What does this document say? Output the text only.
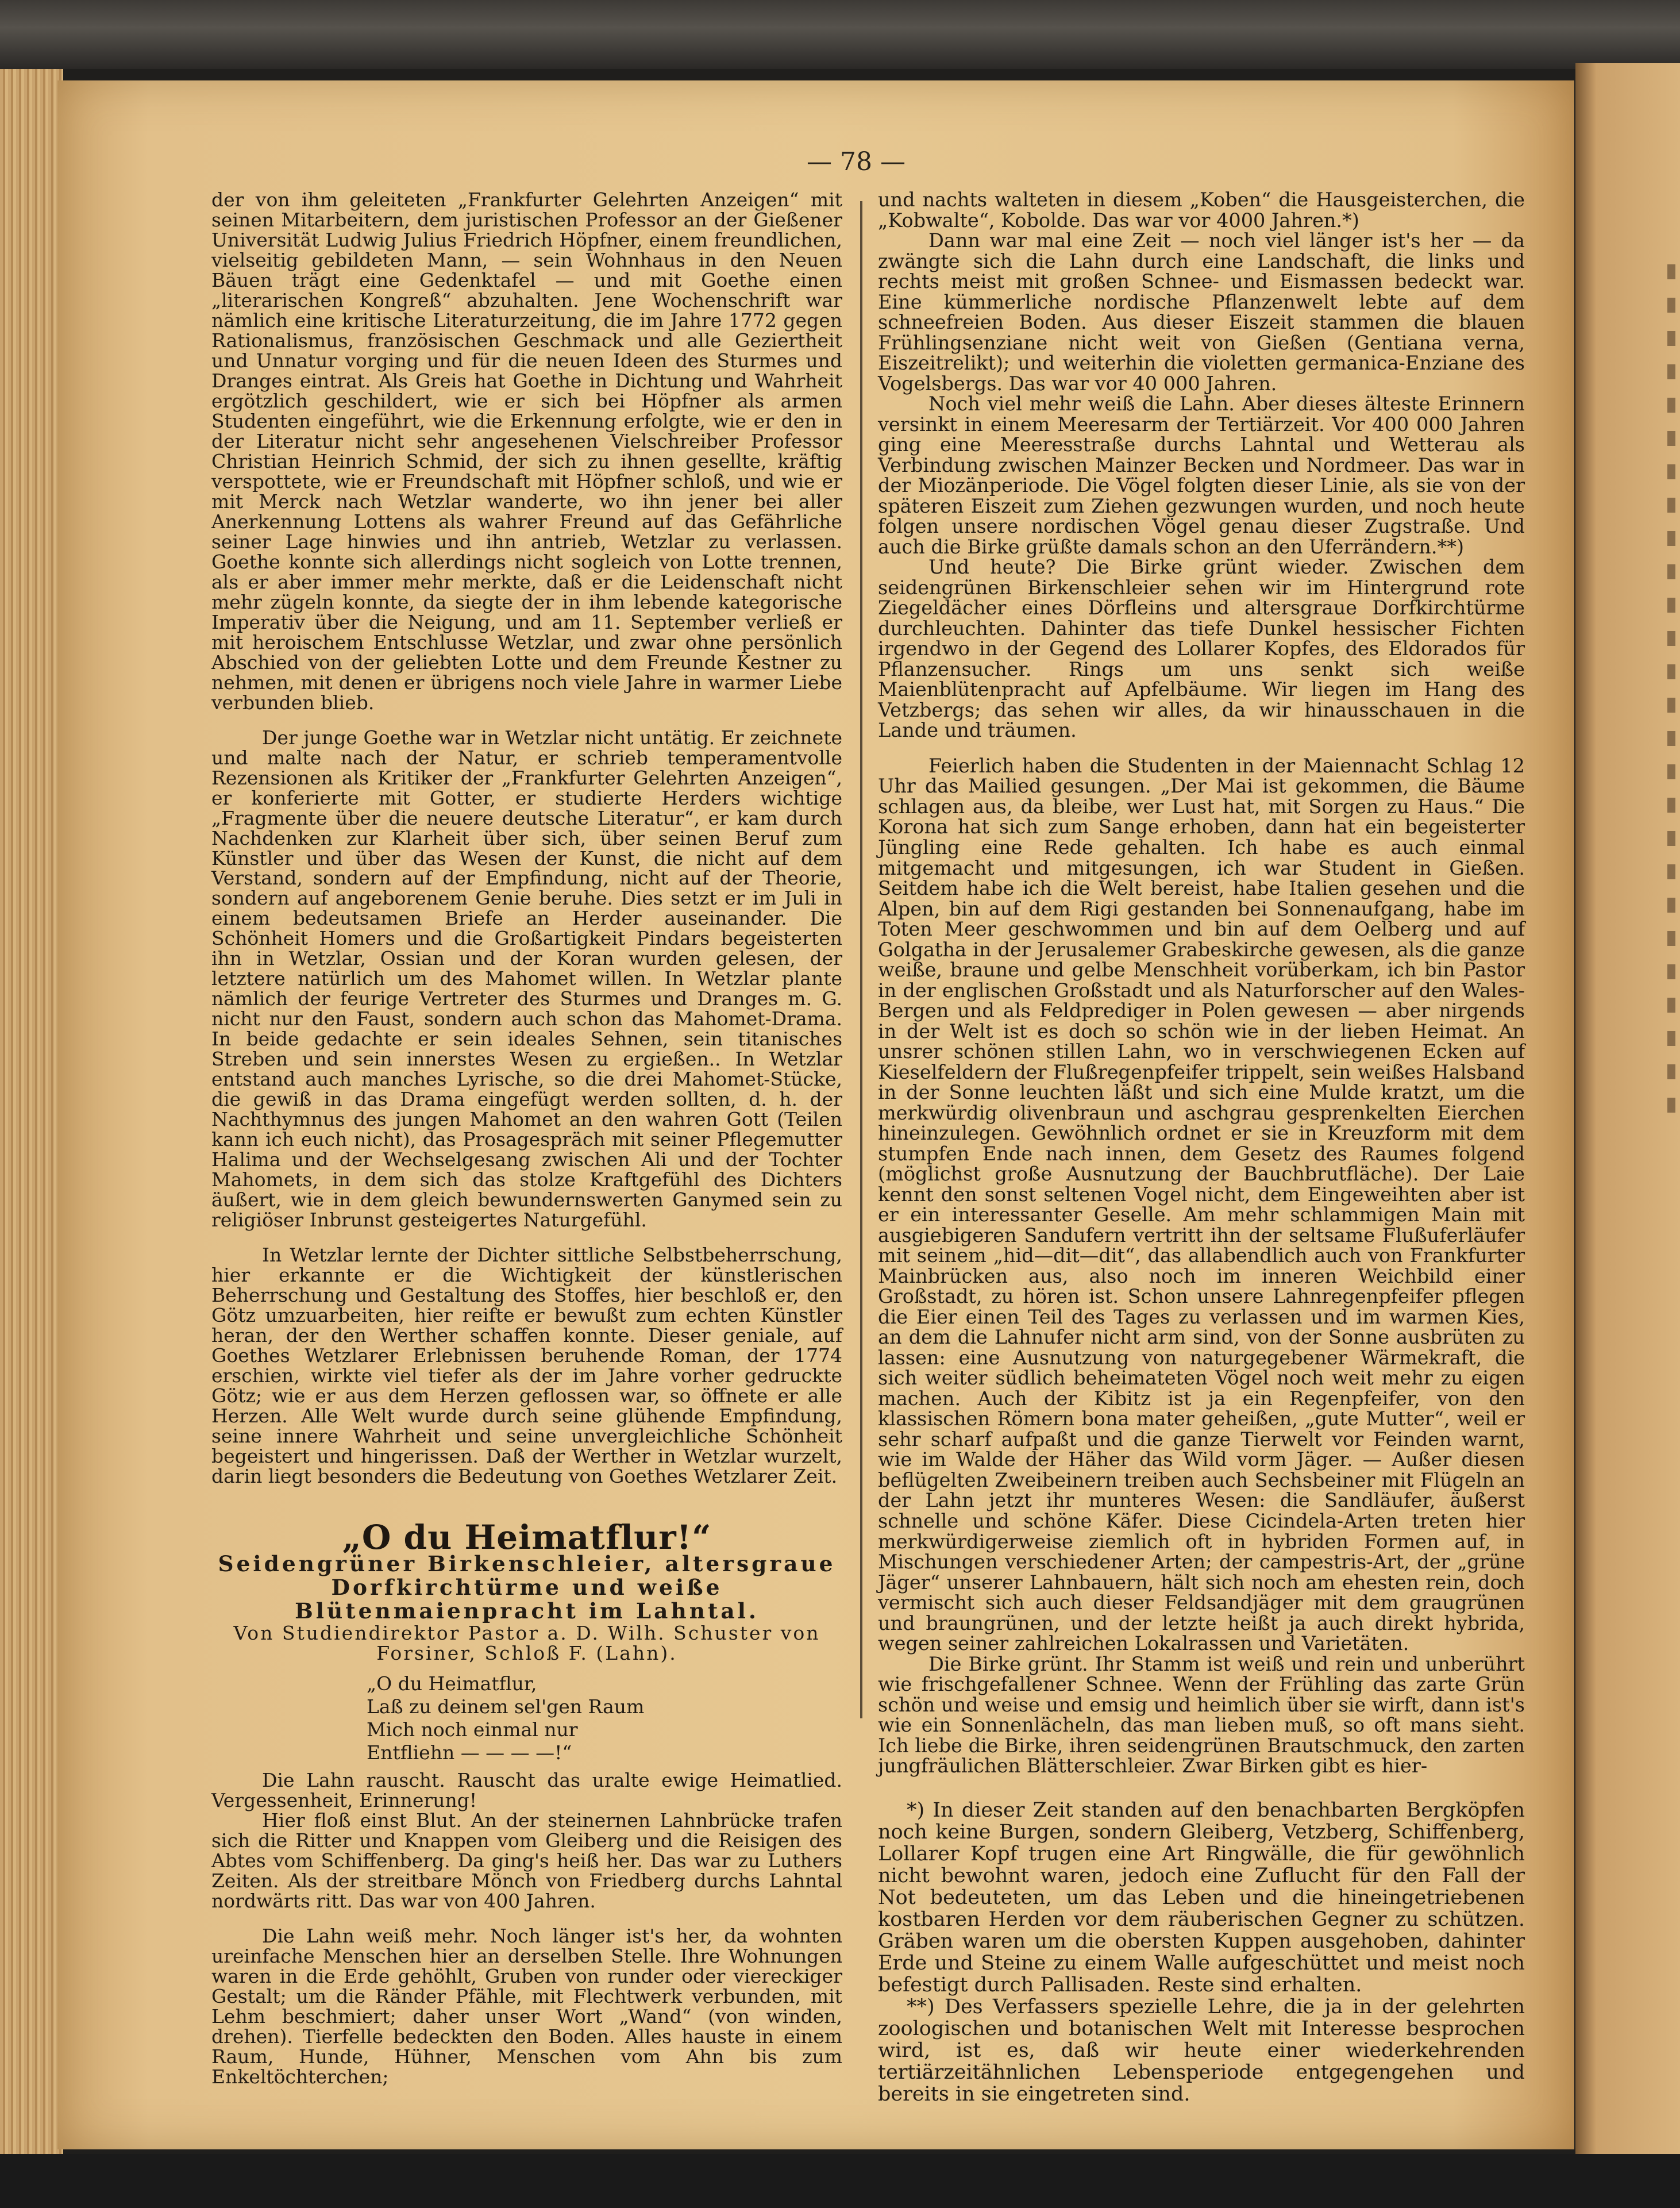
— 78 —

der von ihm geleiteten „Frankfurter Gelehrten Anzeigen“ mit seinen Mitarbeitern, dem juristischen Professor an der Gießener Universität Ludwig Julius Friedrich Höpfner, einem freundlichen, vielseitig gebildeten Mann, — sein Wohnhaus in den Neuen Bäuen trägt eine Gedenktafel — und mit Goethe einen „literarischen Kongreß“ abzuhalten. Jene Wochenschrift war nämlich eine kritische Literaturzeitung, die im Jahre 1772 gegen Rationalismus, französischen Geschmack und alle Geziertheit und Unnatur vorging und für die neuen Ideen des Sturmes und Dranges eintrat. Als Greis hat Goethe in Dichtung und Wahrheit ergötzlich geschildert, wie er sich bei Höpfner als armen Studenten eingeführt, wie die Erkennung erfolgte, wie er den in der Literatur nicht sehr angesehenen Vielschreiber Professor Christian Heinrich Schmid, der sich zu ihnen gesellte, kräftig verspottete, wie er Freundschaft mit Höpfner schloß, und wie er mit Merck nach Wetzlar wanderte, wo ihn jener bei aller Anerkennung Lottens als wahrer Freund auf das Gefährliche seiner Lage hinwies und ihn antrieb, Wetzlar zu verlassen. Goethe konnte sich allerdings nicht sogleich von Lotte trennen, als er aber immer mehr merkte, daß er die Leidenschaft nicht mehr zügeln konnte, da siegte der in ihm lebende kategorische Imperativ über die Neigung, und am 11. September verließ er mit heroischem Entschlusse Wetzlar, und zwar ohne persönlich Abschied von der geliebten Lotte und dem Freunde Kestner zu nehmen, mit denen er übrigens noch viele Jahre in warmer Liebe verbunden blieb.

Der junge Goethe war in Wetzlar nicht untätig. Er zeichnete und malte nach der Natur, er schrieb temperamentvolle Rezensionen als Kritiker der „Frankfurter Gelehrten Anzeigen“, er konferierte mit Gotter, er studierte Herders wichtige „Fragmente über die neuere deutsche Literatur“, er kam durch Nachdenken zur Klarheit über sich, über seinen Beruf zum Künstler und über das Wesen der Kunst, die nicht auf dem Verstand, sondern auf der Empfindung, nicht auf der Theorie, sondern auf angeborenem Genie beruhe. Dies setzt er im Juli in einem bedeutsamen Briefe an Herder auseinander. Die Schönheit Homers und die Großartigkeit Pindars begeisterten ihn in Wetzlar, Ossian und der Koran wurden gelesen, der letztere natürlich um des Mahomet willen. In Wetzlar plante nämlich der feurige Vertreter des Sturmes und Dranges m. G. nicht nur den Faust, sondern auch schon das Mahomet-Drama. In beide gedachte er sein ideales Sehnen, sein titanisches Streben und sein innerstes Wesen zu ergießen.. In Wetzlar entstand auch manches Lyrische, so die drei Mahomet-Stücke, die gewiß in das Drama eingefügt werden sollten, d. h. der Nachthymnus des jungen Mahomet an den wahren Gott (Teilen kann ich euch nicht), das Prosagespräch mit seiner Pflegemutter Halima und der Wechselgesang zwischen Ali und der Tochter Mahomets, in dem sich das stolze Kraftgefühl des Dichters äußert, wie in dem gleich bewundernswerten Ganymed sein zu religiöser Inbrunst gesteigertes Naturgefühl.

In Wetzlar lernte der Dichter sittliche Selbstbeherrschung, hier erkannte er die Wichtigkeit der künstlerischen Beherrschung und Gestaltung des Stoffes, hier beschloß er, den Götz umzuarbeiten, hier reifte er bewußt zum echten Künstler heran, der den Werther schaffen konnte. Dieser geniale, auf Goethes Wetzlarer Erlebnissen beruhende Roman, der 1774 erschien, wirkte viel tiefer als der im Jahre vorher gedruckte Götz; wie er aus dem Herzen geflossen war, so öffnete er alle Herzen. Alle Welt wurde durch seine glühende Empfindung, seine innere Wahrheit und seine unvergleichliche Schönheit begeistert und hingerissen. Daß der Werther in Wetzlar wurzelt, darin liegt besonders die Bedeutung von Goethes Wetzlarer Zeit.

„O du Heimatflur!“
Seidengrüner Birkenschleier, altersgraue Dorfkirchtürme und weiße Blütenmaienpracht im Lahntal.
Von Studiendirektor Pastor a. D. Wilh. Schuster von Forsiner, Schloß F. (Lahn).
„O du Heimatflur,
Laß zu deinem sel'gen Raum
Mich noch einmal nur
Entfliehn — — — —!“

Die Lahn rauscht. Rauscht das uralte ewige Heimatlied. Vergessenheit, Erinnerung!

Hier floß einst Blut. An der steinernen Lahnbrücke trafen sich die Ritter und Knappen vom Gleiberg und die Reisigen des Abtes vom Schiffenberg. Da ging's heiß her. Das war zu Luthers Zeiten. Als der streitbare Mönch von Friedberg durchs Lahntal nordwärts ritt. Das war von 400 Jahren.

Die Lahn weiß mehr. Noch länger ist's her, da wohnten ureinfache Menschen hier an derselben Stelle. Ihre Wohnungen waren in die Erde gehöhlt, Gruben von runder oder viereckiger Gestalt; um die Ränder Pfähle, mit Flechtwerk verbunden, mit Lehm beschmiert; daher unser Wort „Wand“ (von winden, drehen). Tierfelle bedeckten den Boden. Alles hauste in einem Raum, Hunde, Hühner, Menschen vom Ahn bis zum Enkeltöchterchen;

und nachts walteten in diesem „Koben“ die Hausgeisterchen, die „Kobwalte“, Kobolde. Das war vor 4000 Jahren.*)

Dann war mal eine Zeit — noch viel länger ist's her — da zwängte sich die Lahn durch eine Landschaft, die links und rechts meist mit großen Schnee- und Eismassen bedeckt war. Eine kümmerliche nordische Pflanzenwelt lebte auf dem schneefreien Boden. Aus dieser Eiszeit stammen die blauen Frühlingsenziane nicht weit von Gießen (Gentiana verna, Eiszeitrelikt); und weiterhin die violetten germanica-Enziane des Vogelsbergs. Das war vor 40 000 Jahren.

Noch viel mehr weiß die Lahn. Aber dieses älteste Erinnern versinkt in einem Meeresarm der Tertiärzeit. Vor 400 000 Jahren ging eine Meeresstraße durchs Lahntal und Wetterau als Verbindung zwischen Mainzer Becken und Nordmeer. Das war in der Miozänperiode. Die Vögel folgten dieser Linie, als sie von der späteren Eiszeit zum Ziehen gezwungen wurden, und noch heute folgen unsere nordischen Vögel genau dieser Zugstraße. Und auch die Birke grüßte damals schon an den Uferrändern.**)

Und heute? Die Birke grünt wieder. Zwischen dem seidengrünen Birkenschleier sehen wir im Hintergrund rote Ziegeldächer eines Dörfleins und altersgraue Dorfkirchtürme durchleuchten. Dahinter das tiefe Dunkel hessischer Fichten irgendwo in der Gegend des Lollarer Kopfes, des Eldorados für Pflanzensucher. Rings um uns senkt sich weiße Maienblütenpracht auf Apfelbäume. Wir liegen im Hang des Vetzbergs; das sehen wir alles, da wir hinausschauen in die Lande und träumen.

Feierlich haben die Studenten in der Maiennacht Schlag 12 Uhr das Mailied gesungen. „Der Mai ist gekommen, die Bäume schlagen aus, da bleibe, wer Lust hat, mit Sorgen zu Haus.“ Die Korona hat sich zum Sange erhoben, dann hat ein begeisterter Jüngling eine Rede gehalten. Ich habe es auch einmal mitgemacht und mitgesungen, ich war Student in Gießen. Seitdem habe ich die Welt bereist, habe Italien gesehen und die Alpen, bin auf dem Rigi gestanden bei Sonnenaufgang, habe im Toten Meer geschwommen und bin auf dem Oelberg und auf Golgatha in der Jerusalemer Grabeskirche gewesen, als die ganze weiße, braune und gelbe Menschheit vorüberkam, ich bin Pastor in der englischen Großstadt und als Naturforscher auf den Wales-Bergen und als Feldprediger in Polen gewesen — aber nirgends in der Welt ist es doch so schön wie in der lieben Heimat. An unsrer schönen stillen Lahn, wo in verschwiegenen Ecken auf Kieselfeldern der Flußregenpfeifer trippelt, sein weißes Halsband in der Sonne leuchten läßt und sich eine Mulde kratzt, um die merkwürdig olivenbraun und aschgrau gesprenkelten Eierchen hineinzulegen. Gewöhnlich ordnet er sie in Kreuzform mit dem stumpfen Ende nach innen, dem Gesetz des Raumes folgend (möglichst große Ausnutzung der Bauchbrutfläche). Der Laie kennt den sonst seltenen Vogel nicht, dem Eingeweihten aber ist er ein interessanter Geselle. Am mehr schlammigen Main mit ausgiebigeren Sandufern vertritt ihn der seltsame Flußuferläufer mit seinem „hid—dit—dit“, das allabendlich auch von Frankfurter Mainbrücken aus, also noch im inneren Weichbild einer Großstadt, zu hören ist. Schon unsere Lahnregenpfeifer pflegen die Eier einen Teil des Tages zu verlassen und im warmen Kies, an dem die Lahnufer nicht arm sind, von der Sonne ausbrüten zu lassen: eine Ausnutzung von naturgegebener Wärmekraft, die sich weiter südlich beheimateten Vögel noch weit mehr zu eigen machen. Auch der Kibitz ist ja ein Regenpfeifer, von den klassischen Römern bona mater geheißen, „gute Mutter“, weil er sehr scharf aufpaßt und die ganze Tierwelt vor Feinden warnt, wie im Walde der Häher das Wild vorm Jäger. — Außer diesen beflügelten Zweibeinern treiben auch Sechsbeiner mit Flügeln an der Lahn jetzt ihr munteres Wesen: die Sandläufer, äußerst schnelle und schöne Käfer. Diese Cicindela-Arten treten hier merkwürdigerweise ziemlich oft in hybriden Formen auf, in Mischungen verschiedener Arten; der campestris-Art, der „grüne Jäger“ unserer Lahnbauern, hält sich noch am ehesten rein, doch vermischt sich auch dieser Feldsandjäger mit dem graugrünen und braungrünen, und der letzte heißt ja auch direkt hybrida, wegen seiner zahlreichen Lokalrassen und Varietäten.

Die Birke grünt. Ihr Stamm ist weiß und rein und unberührt wie frischgefallener Schnee. Wenn der Frühling das zarte Grün schön und weise und emsig und heimlich über sie wirft, dann ist's wie ein Sonnenlächeln, das man lieben muß, so oft mans sieht. Ich liebe die Birke, ihren seidengrünen Brautschmuck, den zarten jungfräulichen Blätterschleier. Zwar Birken gibt es hier-

*) In dieser Zeit standen auf den benachbarten Bergköpfen noch keine Burgen, sondern Gleiberg, Vetzberg, Schiffenberg, Lollarer Kopf trugen eine Art Ringwälle, die für gewöhnlich nicht bewohnt waren, jedoch eine Zuflucht für den Fall der Not bedeuteten, um das Leben und die hineingetriebenen kostbaren Herden vor dem räuberischen Gegner zu schützen. Gräben waren um die obersten Kuppen ausgehoben, dahinter Erde und Steine zu einem Walle aufgeschüttet und meist noch befestigt durch Pallisaden. Reste sind erhalten.

**) Des Verfassers spezielle Lehre, die ja in der gelehrten zoologischen und botanischen Welt mit Interesse besprochen wird, ist es, daß wir heute einer wiederkehrenden tertiärzeitähnlichen Lebensperiode entgegengehen und bereits in sie eingetreten sind.
